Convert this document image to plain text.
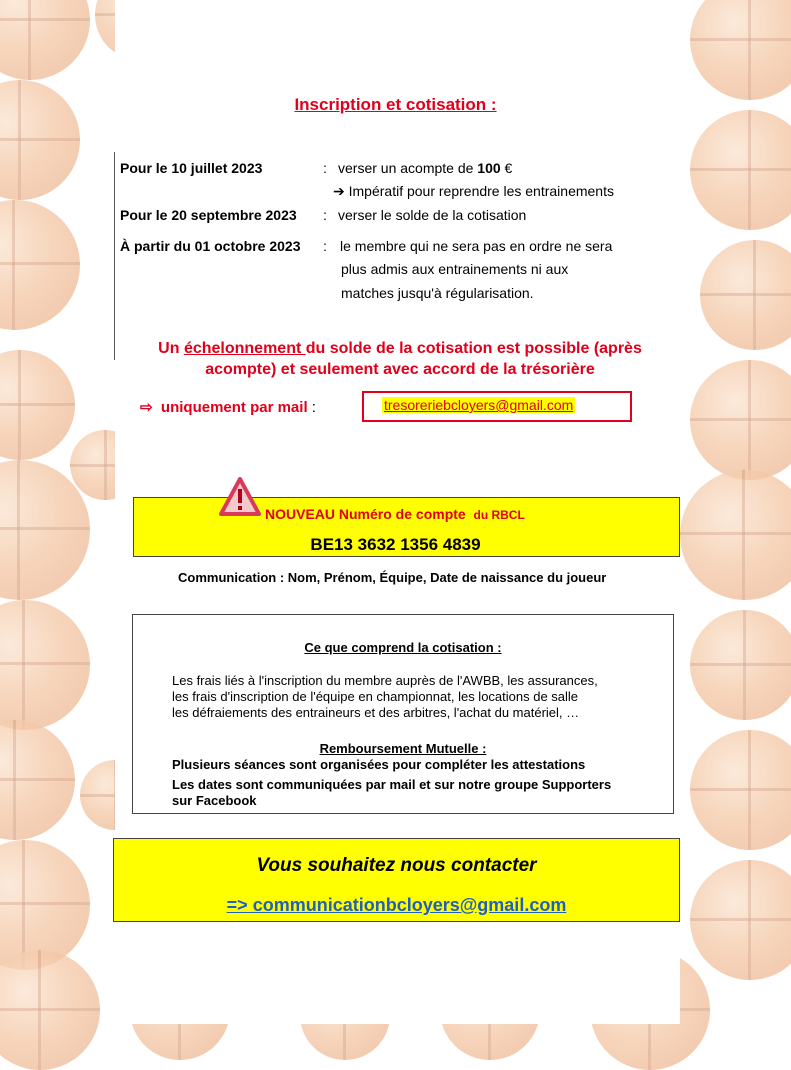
Inscription et cotisation :
Pour le 10 juillet 2023	: verser un acompte de 100 €
➔ Impératif pour reprendre les entrainements
Pour le 20 septembre 2023 : verser le solde de la cotisation
À partir du 01 octobre 2023 : le membre qui ne sera pas en ordre ne sera
plus admis aux entrainements ni aux
matches jusqu'à régularisation.
Un échelonnement du solde de la cotisation est possible (après
acompte) et seulement avec accord de la trésorière
⇨ uniquement par mail :	tresoreriebcloyers@gmail.com
NOUVEAU Numéro de compte du RBCL
BE13 3632 1356 4839
Communication : Nom, Prénom, Équipe, Date de naissance du joueur
Ce que comprend la cotisation :
Les frais liés à l'inscription du membre auprès de l'AWBB, les assurances,
les frais d'inscription de l'équipe en championnat, les locations de salle
les défraiements des entraineurs et des arbitres, l'achat du matériel, …
Remboursement Mutuelle :
Plusieurs séances sont organisées pour compléter les attestations
Les dates sont communiquées par mail et sur notre groupe Supporters
sur Facebook
Vous souhaitez nous contacter
=> communicationbcloyers@gmail.com
